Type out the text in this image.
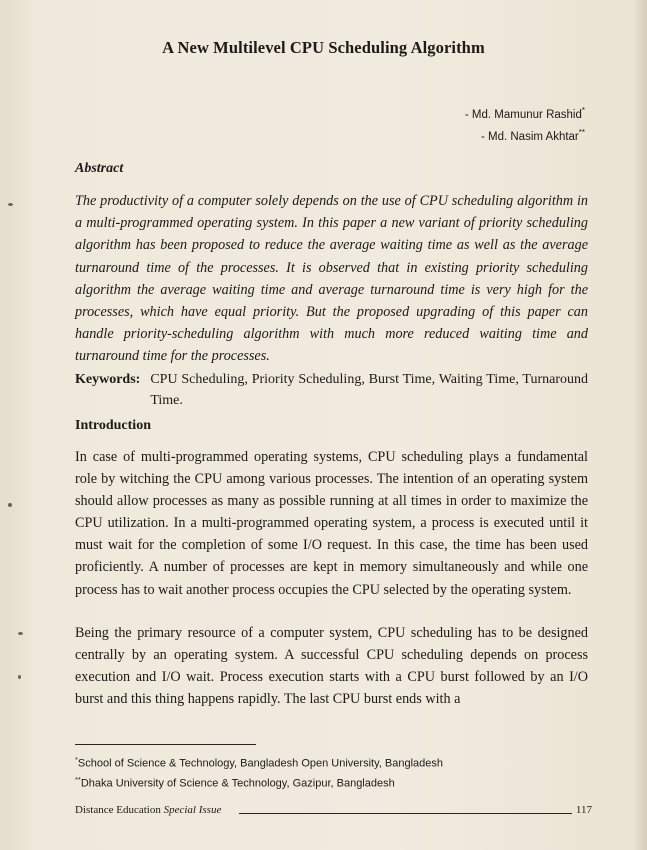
A New Multilevel CPU Scheduling Algorithm
- Md. Mamunur Rashid*
- Md. Nasim Akhtar**
Abstract
The productivity of a computer solely depends on the use of CPU scheduling algorithm in a multi-programmed operating system. In this paper a new variant of priority scheduling algorithm has been proposed to reduce the average waiting time as well as the average turnaround time of the processes. It is observed that in existing priority scheduling algorithm the average waiting time and average turnaround time is very high for the processes, which have equal priority. But the proposed upgrading of this paper can handle priority-scheduling algorithm with much more reduced waiting time and turnaround time for the processes.
Keywords: CPU Scheduling, Priority Scheduling, Burst Time, Waiting Time, Turnaround Time.
Introduction
In case of multi-programmed operating systems, CPU scheduling plays a fundamental role by witching the CPU among various processes. The intention of an operating system should allow processes as many as possible running at all times in order to maximize the CPU utilization. In a multi-programmed operating system, a process is executed until it must wait for the completion of some I/O request. In this case, the time has been used proficiently. A number of processes are kept in memory simultaneously and while one process has to wait another process occupies the CPU selected by the operating system.
Being the primary resource of a computer system, CPU scheduling has to be designed centrally by an operating system. A successful CPU scheduling depends on process execution and I/O wait. Process execution starts with a CPU burst followed by an I/O burst and this thing happens rapidly. The last CPU burst ends with a
*School of Science & Technology, Bangladesh Open University, Bangladesh
**Dhaka University of Science & Technology, Gazipur, Bangladesh
Distance Education Special Issue	117
